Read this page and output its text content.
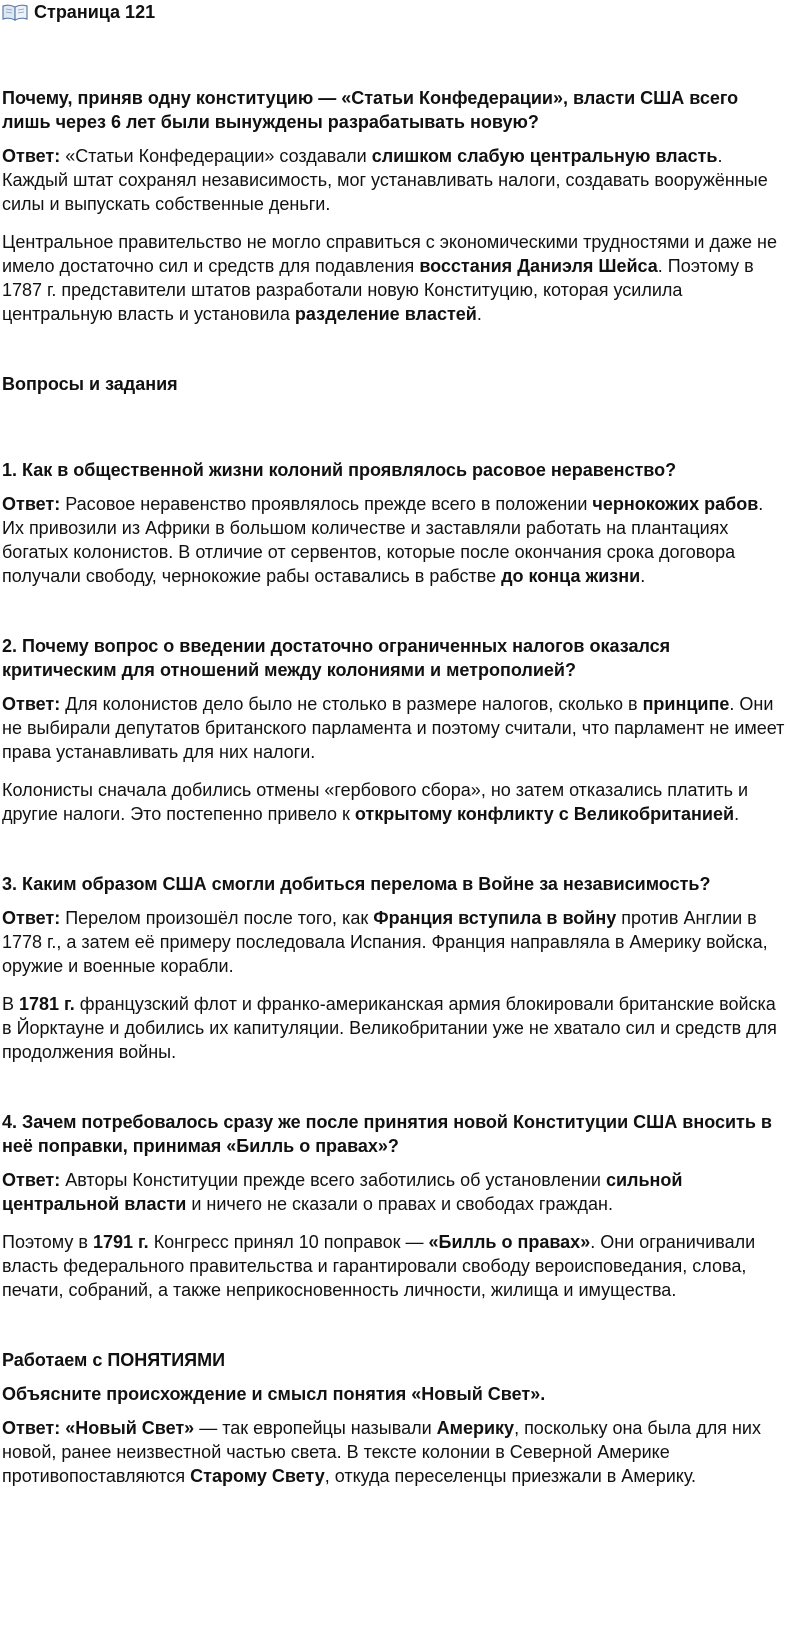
Страница 121
Почему, приняв одну конституцию — «Статьи Конфедерации», власти США всего лишь через 6 лет были вынуждены разрабатывать новую?

Ответ: «Статьи Конфедерации» создавали слишком слабую центральную власть. Каждый штат сохранял независимость, мог устанавливать налоги, создавать вооружённые силы и выпускать собственные деньги.

Центральное правительство не могло справиться с экономическими трудностями и даже не имело достаточно сил и средств для подавления восстания Даниэля Шейса. Поэтому в 1787 г. представители штатов разработали новую Конституцию, которая усилила центральную власть и установила разделение властей.

Вопросы и задания
1. Как в общественной жизни колоний проявлялось расовое неравенство?

Ответ: Расовое неравенство проявлялось прежде всего в положении чернокожих рабов. Их привозили из Африки в большом количестве и заставляли работать на плантациях богатых колонистов. В отличие от сервентов, которые после окончания срока договора получали свободу, чернокожие рабы оставались в рабстве до конца жизни.

2. Почему вопрос о введении достаточно ограниченных налогов оказался критическим для отношений между колониями и метрополией?

Ответ: Для колонистов дело было не столько в размере налогов, сколько в принципе. Они не выбирали депутатов британского парламента и поэтому считали, что парламент не имеет права устанавливать для них налоги.

Колонисты сначала добились отмены «гербового сбора», но затем отказались платить и другие налоги. Это постепенно привело к открытому конфликту с Великобританией.

3. Каким образом США смогли добиться перелома в Войне за независимость?

Ответ: Перелом произошёл после того, как Франция вступила в войну против Англии в 1778 г., а затем её примеру последовала Испания. Франция направляла в Америку войска, оружие и военные корабли.

В 1781 г. французский флот и франко-американская армия блокировали британские войска в Йорктауне и добились их капитуляции. Великобритании уже не хватало сил и средств для продолжения войны.

4. Зачем потребовалось сразу же после принятия новой Конституции США вносить в неё поправки, принимая «Билль о правах»?

Ответ: Авторы Конституции прежде всего заботились об установлении сильной центральной власти и ничего не сказали о правах и свободах граждан.

Поэтому в 1791 г. Конгресс принял 10 поправок — «Билль о правах». Они ограничивали власть федерального правительства и гарантировали свободу вероисповедания, слова, печати, собраний, а также неприкосновенность личности, жилища и имущества.

Работаем с ПОНЯТИЯМИ
Объясните происхождение и смысл понятия «Новый Свет».

Ответ: «Новый Свет» — так европейцы называли Америку, поскольку она была для них новой, ранее неизвестной частью света. В тексте колонии в Северной Америке противопоставляются Старому Свету, откуда переселенцы приезжали в Америку.
